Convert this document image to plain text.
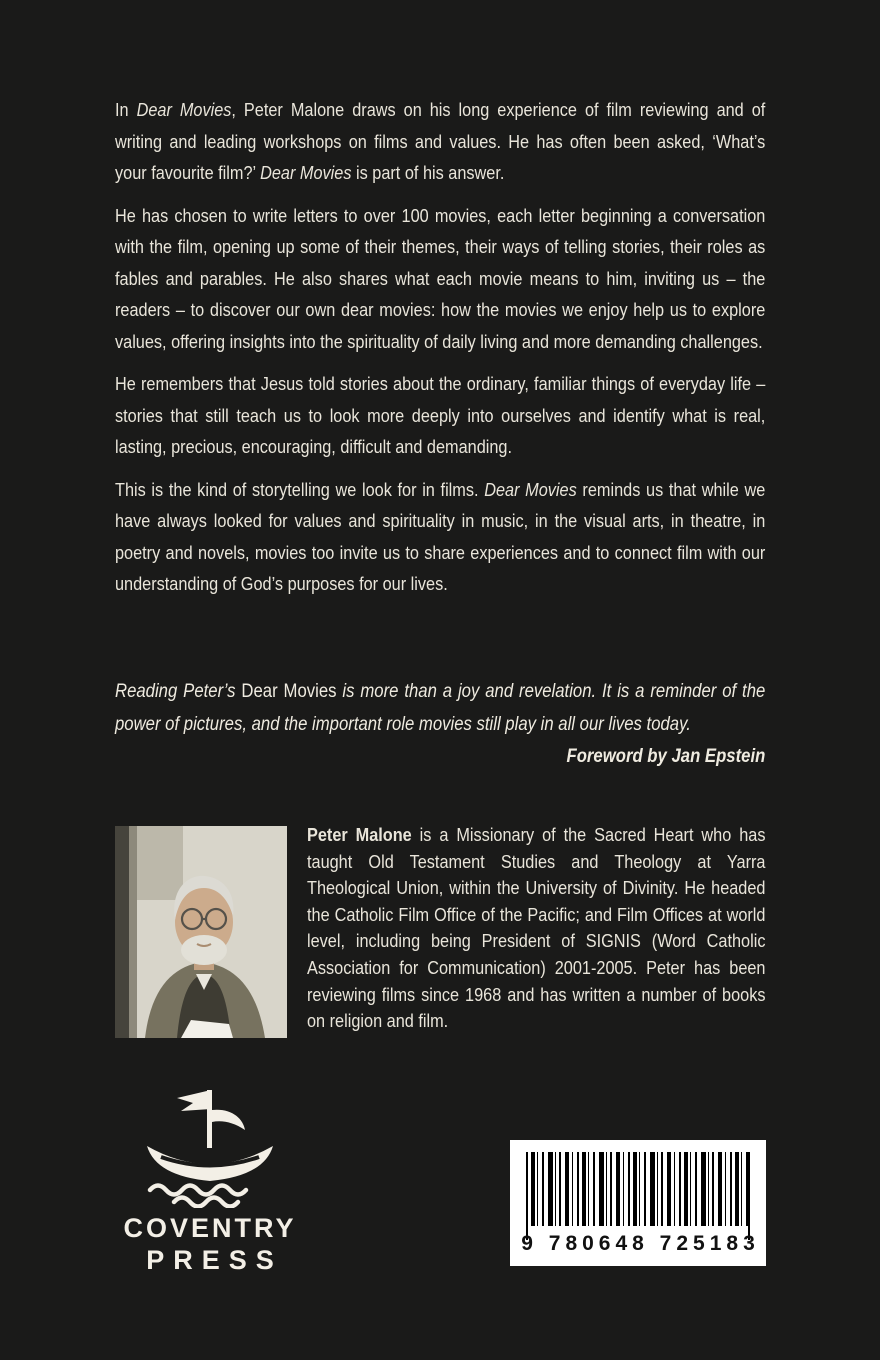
In Dear Movies, Peter Malone draws on his long experience of film reviewing and of writing and leading workshops on films and values. He has often been asked, ‘What’s your favourite film?’ Dear Movies is part of his answer.

He has chosen to write letters to over 100 movies, each letter beginning a conversation with the film, opening up some of their themes, their ways of telling stories, their roles as fables and parables. He also shares what each movie means to him, inviting us – the readers – to discover our own dear movies: how the movies we enjoy help us to explore values, offering insights into the spirituality of daily living and more demanding challenges.

He remembers that Jesus told stories about the ordinary, familiar things of everyday life – stories that still teach us to look more deeply into ourselves and identify what is real, lasting, precious, encouraging, difficult and demanding.

This is the kind of storytelling we look for in films. Dear Movies reminds us that while we have always looked for values and spirituality in music, in the visual arts, in theatre, in poetry and novels, movies too invite us to share experiences and to connect film with our understanding of God’s purposes for our lives.

Reading Peter’s Dear Movies is more than a joy and revelation. It is a reminder of the power of pictures, and the important role movies still play in all our lives today.

Foreword by Jan Epstein

Peter Malone is a Missionary of the Sacred Heart who has taught Old Testament Studies and Theology at Yarra Theological Union, within the University of Divinity. He headed the Catholic Film Office of the Pacific; and Film Offices at world level, including being President of SIGNIS (Word Catholic Association for Communication) 2001-2005. Peter has been reviewing films since 1968 and has written a number of books on religion and film.

COVENTRY
PRESS
9 780648 725183
